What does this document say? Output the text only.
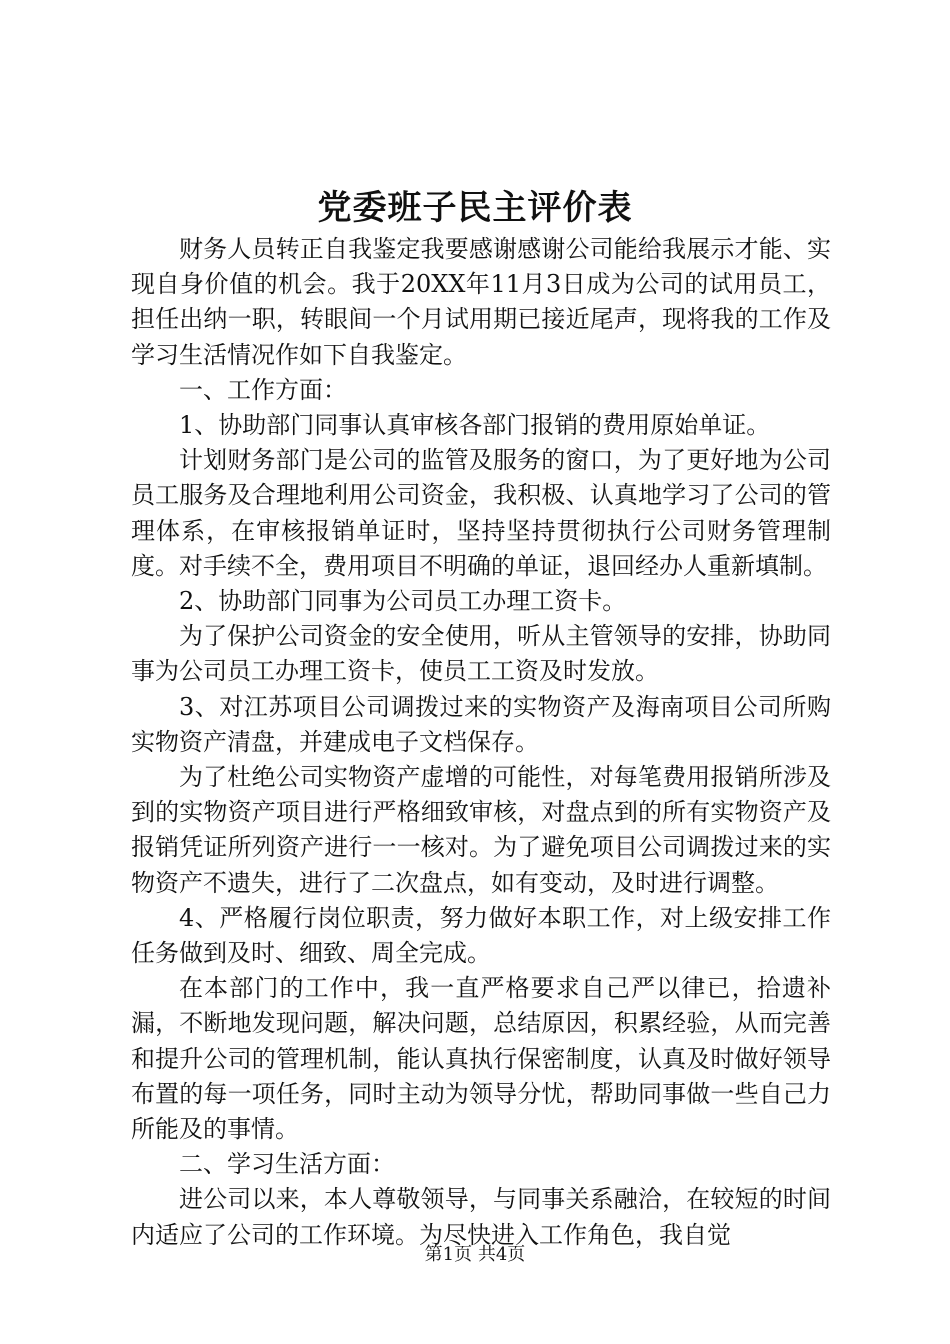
党委班子民主评价表

财务人员转正自我鉴定我要感谢感谢公司能给我展示才能、实现自身价值的机会。我于20XX年11月3日成为公司的试用员工，担任出纳一职，转眼间一个月试用期已接近尾声，现将我的工作及学习生活情况作如下自我鉴定。

一、工作方面：

1、协助部门同事认真审核各部门报销的费用原始单证。

计划财务部门是公司的监管及服务的窗口，为了更好地为公司员工服务及合理地利用公司资金，我积极、认真地学习了公司的管理体系，在审核报销单证时，坚持坚持贯彻执行公司财务管理制度。对手续不全，费用项目不明确的单证，退回经办人重新填制。

2、协助部门同事为公司员工办理工资卡。

为了保护公司资金的安全使用，听从主管领导的安排，协助同事为公司员工办理工资卡，使员工工资及时发放。

3、对江苏项目公司调拨过来的实物资产及海南项目公司所购实物资产清盘，并建成电子文档保存。

为了杜绝公司实物资产虚增的可能性，对每笔费用报销所涉及到的实物资产项目进行严格细致审核，对盘点到的所有实物资产及报销凭证所列资产进行一一核对。为了避免项目公司调拨过来的实物资产不遗失，进行了二次盘点，如有变动，及时进行调整。

4、严格履行岗位职责，努力做好本职工作，对上级安排工作任务做到及时、细致、周全完成。

在本部门的工作中，我一直严格要求自己严以律已，拾遗补漏，不断地发现问题，解决问题，总结原因，积累经验，从而完善和提升公司的管理机制，能认真执行保密制度，认真及时做好领导布置的每一项任务，同时主动为领导分忧，帮助同事做一些自己力所能及的事情。

二、学习生活方面：

进公司以来，本人尊敬领导，与同事关系融洽，在较短的时间内适应了公司的工作环境。为尽快进入工作角色，我自觉

第1页 共4页
